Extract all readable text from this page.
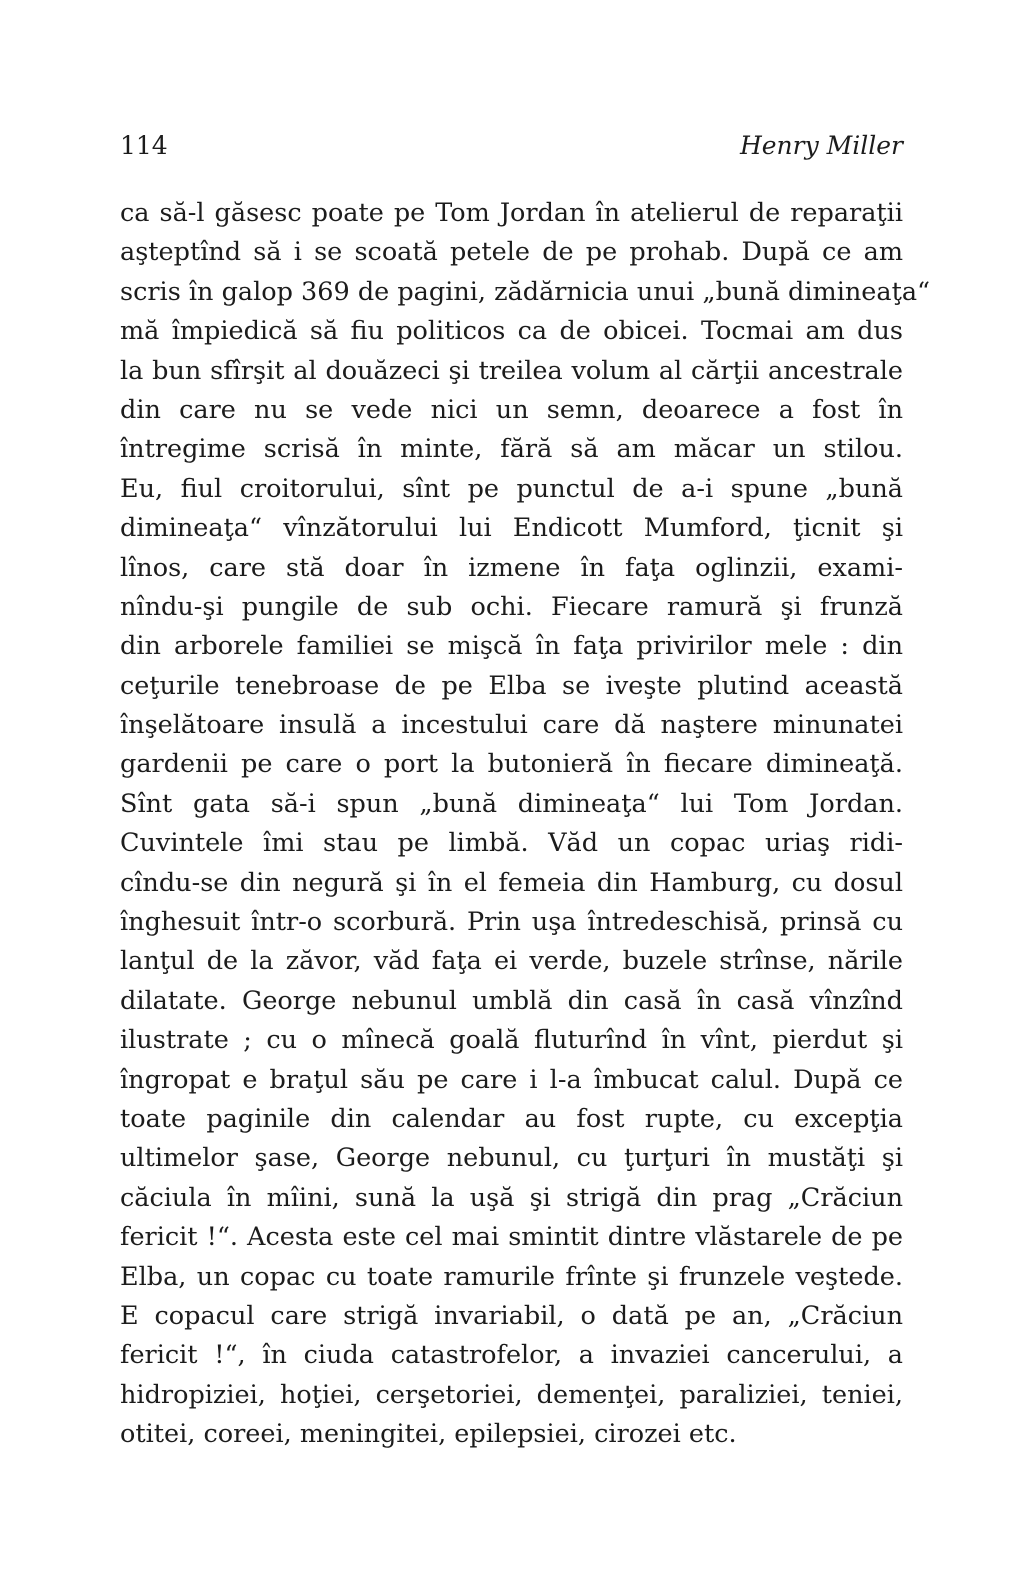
114	Henry Miller
ca să-l găsesc poate pe Tom Jordan în atelierul de reparaţii
aşteptînd să i se scoată petele de pe prohab. După ce am
scris în galop 369 de pagini, zădărnicia unui „bună dimineaţa“
mă împiedică să fiu politicos ca de obicei. Tocmai am dus
la bun sfîrşit al douăzeci şi treilea volum al cărţii ancestrale
din care nu se vede nici un semn, deoarece a fost în
întregime scrisă în minte, fără să am măcar un stilou.
Eu, fiul croitorului, sînt pe punctul de a-i spune „bună
dimineaţa“ vînzătorului lui Endicott Mumford, ţicnit şi
lînos, care stă doar în izmene în faţa oglinzii, exami-
nîndu-şi pungile de sub ochi. Fiecare ramură şi frunză
din arborele familiei se mişcă în faţa privirilor mele : din
ceţurile tenebroase de pe Elba se iveşte plutind această
înşelătoare insulă a incestului care dă naştere minunatei
gardenii pe care o port la butonieră în fiecare dimineaţă.
Sînt gata să-i spun „bună dimineaţa“ lui Tom Jordan.
Cuvintele îmi stau pe limbă. Văd un copac uriaş ridi-
cîndu-se din negură şi în el femeia din Hamburg, cu dosul
înghesuit într-o scorbură. Prin uşa întredeschisă, prinsă cu
lanţul de la zăvor, văd faţa ei verde, buzele strînse, nările
dilatate. George nebunul umblă din casă în casă vînzînd
ilustrate ; cu o mînecă goală fluturînd în vînt, pierdut şi
îngropat e braţul său pe care i l-a îmbucat calul. După ce
toate paginile din calendar au fost rupte, cu excepţia
ultimelor şase, George nebunul, cu ţurţuri în mustăţi şi
căciula în mîini, sună la uşă şi strigă din prag „Crăciun
fericit !“. Acesta este cel mai smintit dintre vlăstarele de pe
Elba, un copac cu toate ramurile frînte şi frunzele veştede.
E copacul care strigă invariabil, o dată pe an, „Crăciun
fericit !“, în ciuda catastrofelor, a invaziei cancerului, a
hidropiziei, hoţiei, cerşetoriei, demenţei, paraliziei, teniei,
otitei, coreei, meningitei, epilepsiei, cirozei etc.
